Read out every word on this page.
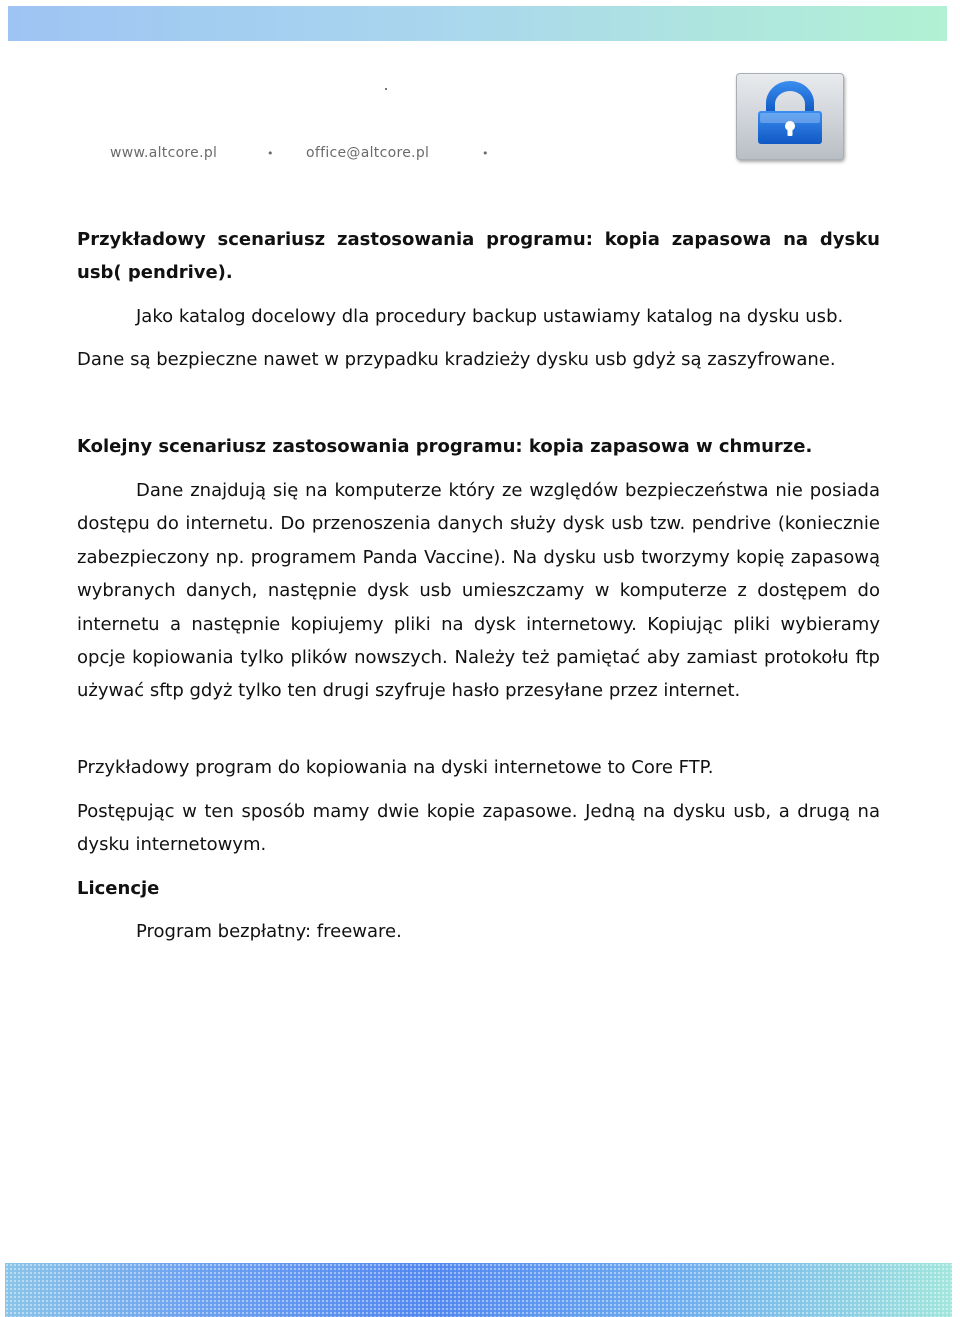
www.altcore.pl	• office@altcore.pl	•

Przykładowy scenariusz zastosowania programu: kopia zapasowa na dysku usb( pendrive).

Jako katalog docelowy dla procedury backup ustawiamy katalog na dysku usb.

Dane są bezpieczne nawet w przypadku kradzieży dysku usb gdyż są zaszyfrowane.

Kolejny scenariusz zastosowania programu: kopia zapasowa w chmurze.

Dane znajdują się na komputerze który ze względów bezpieczeństwa nie posiada dostępu do internetu. Do przenoszenia danych służy dysk usb tzw. pendrive (koniecznie zabezpieczony np. programem Panda Vaccine). Na dysku usb tworzymy kopię zapasową wybranych danych, następnie dysk usb umieszczamy w komputerze z dostępem do internetu a następnie kopiujemy pliki na dysk internetowy. Kopiując pliki wybieramy opcje kopiowania tylko plików nowszych. Należy też pamiętać aby zamiast protokołu ftp używać sftp gdyż tylko ten drugi szyfruje hasło przesyłane przez internet.

Przykładowy program do kopiowania na dyski internetowe to Core FTP.

Postępując w ten sposób mamy dwie kopie zapasowe. Jedną na dysku usb, a drugą na dysku internetowym.

Licencje

Program bezpłatny: freeware.
